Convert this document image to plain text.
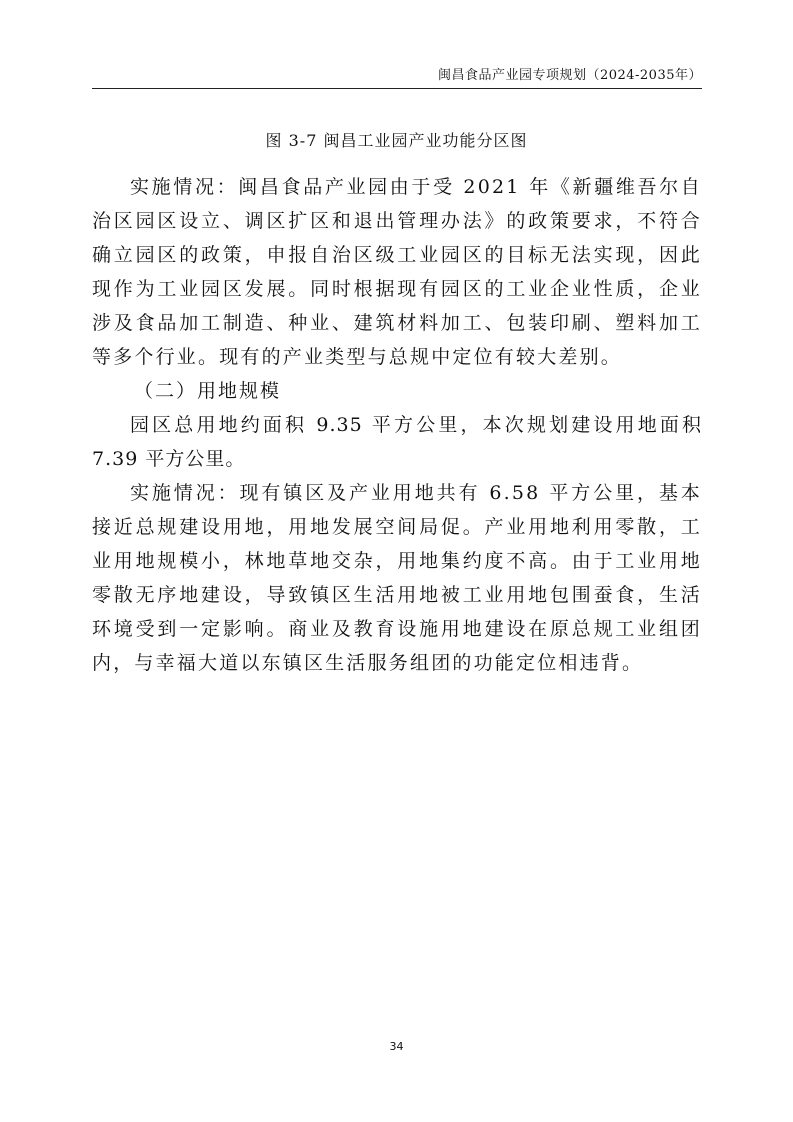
闽昌食品产业园专项规划（2024-2035年）
图 3-7 闽昌工业园产业功能分区图

实施情况：闽昌食品产业园由于受 2021 年《新疆维吾尔自治区园区设立、调区扩区和退出管理办法》的政策要求，不符合确立园区的政策，申报自治区级工业园区的目标无法实现，因此现作为工业园区发展。同时根据现有园区的工业企业性质，企业涉及食品加工制造、种业、建筑材料加工、包装印刷、塑料加工等多个行业。现有的产业类型与总规中定位有较大差别。

（二）用地规模

园区总用地约面积 9.35 平方公里，本次规划建设用地面积 7.39 平方公里。

实施情况：现有镇区及产业用地共有 6.58 平方公里，基本接近总规建设用地，用地发展空间局促。产业用地利用零散，工业用地规模小，林地草地交杂，用地集约度不高。由于工业用地零散无序地建设，导致镇区生活用地被工业用地包围蚕食，生活环境受到一定影响。商业及教育设施用地建设在原总规工业组团内，与幸福大道以东镇区生活服务组团的功能定位相违背。

34
